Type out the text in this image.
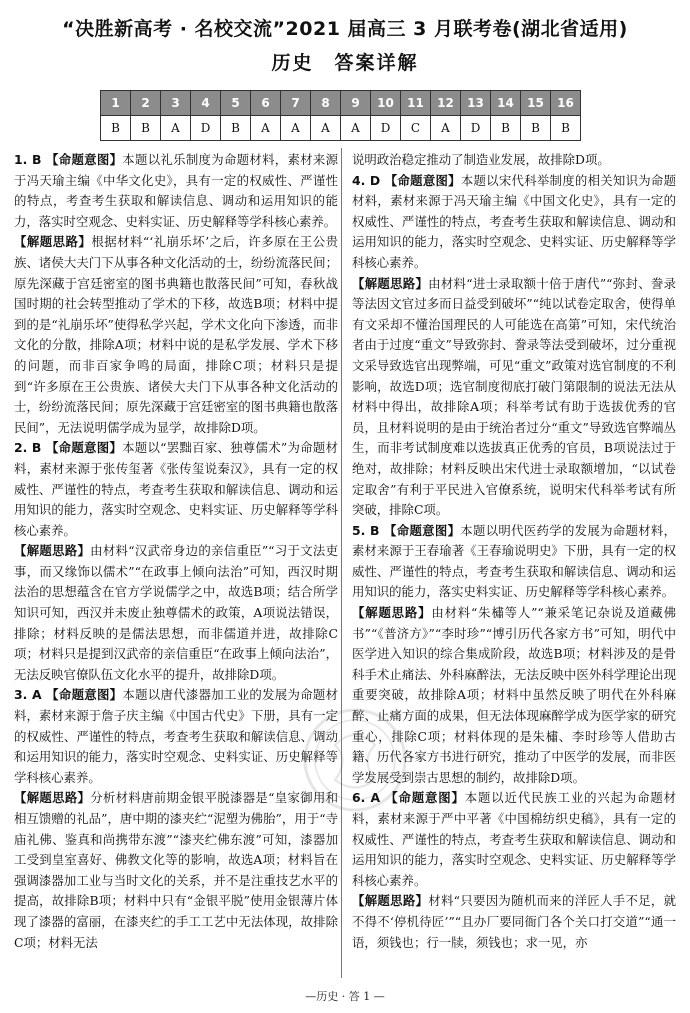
“决胜新高考 · 名校交流”2021 届高三 3 月联考卷(湖北省适用)
历史　答案详解
1	2	3	4	5	6	7	8	9	10	11	12	13	14	15	16
B	B	A	D	B	A	A	A	A	D	C	A	D	B	B	B

1. B 【命题意图】本题以礼乐制度为命题材料，素材来源于冯天瑜主编《中华文化史》，具有一定的权威性、严谨性的特点，考查考生获取和解读信息、调动和运用知识的能力，落实时空观念、史料实证、历史解释等学科核心素养。

【解题思路】根据材料“‘礼崩乐坏’之后，许多原在王公贵族、诸侯大夫门下从事各种文化活动的士，纷纷流落民间；原先深藏于宫廷密室的图书典籍也散落民间”可知，春秋战国时期的社会转型推动了学术的下移，故选B项；材料中提到的是“礼崩乐坏”使得私学兴起，学术文化向下渗透，而非文化的分散，排除A项；材料中说的是私学发展、学术下移的问题，而非百家争鸣的局面，排除C项；材料只是提到“许多原在王公贵族、诸侯大夫门下从事各种文化活动的士，纷纷流落民间；原先深藏于宫廷密室的图书典籍也散落民间”，无法说明儒学成为显学，故排除D项。

2. B 【命题意图】本题以“罢黜百家、独尊儒术”为命题材料，素材来源于张传玺著《张传玺说秦汉》，具有一定的权威性、严谨性的特点，考查考生获取和解读信息、调动和运用知识的能力，落实时空观念、史料实证、历史解释等学科核心素养。

【解题思路】由材料“汉武帝身边的亲信重臣”“习于文法吏事，而又缘饰以儒术”“在政事上倾向法治”可知，西汉时期法治的思想蕴含在官方学说儒学之中，故选B项；结合所学知识可知，西汉并未废止独尊儒术的政策，A项说法错误，排除；材料反映的是儒法思想，而非儒道并进，故排除C项；材料只是提到汉武帝的亲信重臣“在政事上倾向法治”，无法反映官僚队伍文化水平的提升，故排除D项。

3. A 【命题意图】本题以唐代漆器加工业的发展为命题材料，素材来源于詹子庆主编《中国古代史》下册，具有一定的权威性、严谨性的特点，考查考生获取和解读信息、调动和运用知识的能力，落实时空观念、史料实证、历史解释等学科核心素养。

【解题思路】分析材料唐前期金银平脱漆器是“皇家御用和相互馈赠的礼品”，唐中期的漆夹纻“泥塑为佛胎”，用于“寺庙礼佛、鉴真和尚携带东渡”“漆夹纻佛东渡”可知，漆器加工受到皇室喜好、佛教文化等的影响，故选A项；材料旨在强调漆器加工业与当时文化的关系，并不是注重技艺水平的提高，故排除B项；材料中只有“金银平脱”使用金银薄片体现了漆器的富丽，在漆夹纻的手工工艺中无法体现，故排除C项；材料无法

说明政治稳定推动了制造业发展，故排除D项。

4. D 【命题意图】本题以宋代科举制度的相关知识为命题材料，素材来源于冯天瑜主编《中国文化史》，具有一定的权威性、严谨性的特点，考查考生获取和解读信息、调动和运用知识的能力，落实时空观念、史料实证、历史解释等学科核心素养。

【解题思路】由材料“进士录取额十倍于唐代”“弥封、誊录等法因文官过多而日益受到破坏”“纯以试卷定取舍，使得单有文采却不懂治国理民的人可能选在高第”可知，宋代统治者由于过度“重文”导致弥封、誊录等法受到破坏，过分重视文采导致选官出现弊端，可见“重文”政策对选官制度的不利影响，故选D项；选官制度彻底打破门第限制的说法无法从材料中得出，故排除A项；科举考试有助于选拔优秀的官员，且材料说明的是由于统治者过分“重文”导致选官弊端丛生，而非考试制度难以选拔真正优秀的官员，B项说法过于绝对，故排除；材料反映出宋代进士录取额增加，“以试卷定取舍”有利于平民进入官僚系统，说明宋代科举考试有所突破，排除C项。

5. B 【命题意图】本题以明代医药学的发展为命题材料，素材来源于王春瑜著《王春瑜说明史》下册，具有一定的权威性、严谨性的特点，考查考生获取和解读信息、调动和运用知识的能力，落实史料实证、历史解释等学科核心素养。

【解题思路】由材料“朱橚等人”“兼采笔记杂说及道藏佛书”“《普济方》”“李时珍”“博引历代各家方书”可知，明代中医学进入知识的综合集成阶段，故选B项；材料涉及的是骨科手术止痛法、外科麻醉法，无法反映中医外科学理论出现重要突破，故排除A项；材料中虽然反映了明代在外科麻醉、止痛方面的成果，但无法体现麻醉学成为医学家的研究重心，排除C项；材料体现的是朱橚、李时珍等人借助古籍、历代各家方书进行研究，推动了中医学的发展，而非医学发展受到崇古思想的制约，故排除D项。

6. A 【命题意图】本题以近代民族工业的兴起为命题材料，素材来源于严中平著《中国棉纺织史稿》，具有一定的权威性、严谨性的特点，考查考生获取和解读信息、调动和运用知识的能力，落实时空观念、史料实证、历史解释等学科核心素养。

【解题思路】材料“只要因为随机而来的洋匠人手不足，就不得不‘停机待匠’”“且办厂要同衙门各个关口打交道”“通一语，须钱也；行一牍，须钱也；求一见，亦

—历史 · 答 1 —
